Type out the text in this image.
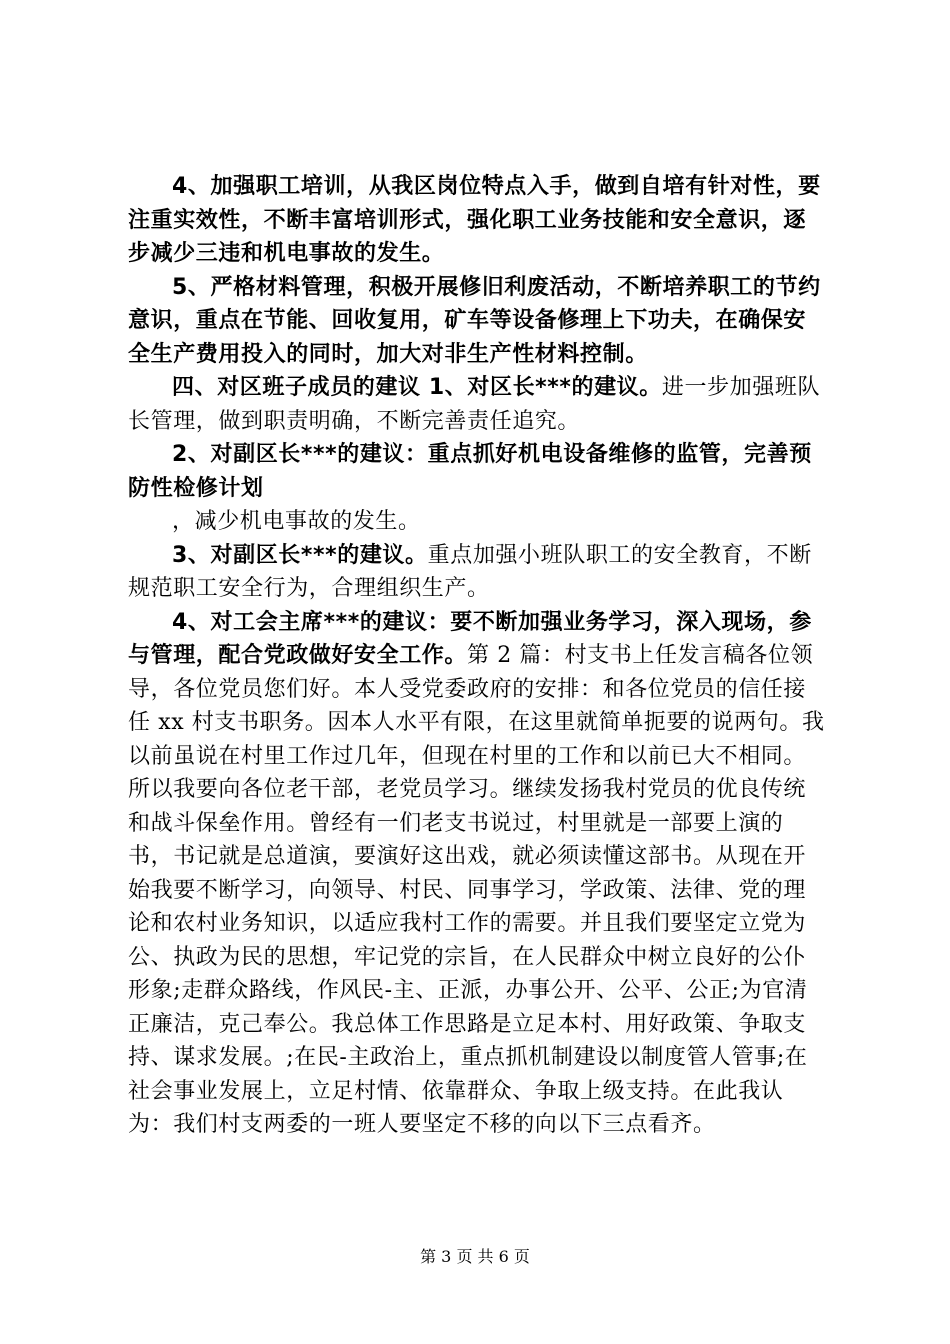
4、加强职工培训，从我区岗位特点入手，做到自培有针对性，要注重实效性，不断丰富培训形式，强化职工业务技能和安全意识，逐步减少三违和机电事故的发生。

5、严格材料管理，积极开展修旧利废活动，不断培养职工的节约意识，重点在节能、回收复用，矿车等设备修理上下功夫，在确保安全生产费用投入的同时，加大对非生产性材料控制。

四、对区班子成员的建议 1、对区长***的建议。进一步加强班队长管理，做到职责明确，不断完善责任追究。

2、对副区长***的建议：重点抓好机电设备维修的监管，完善预防性检修计划

，减少机电事故的发生。

3、对副区长***的建议。重点加强小班队职工的安全教育，不断规范职工安全行为，合理组织生产。

4、对工会主席***的建议：要不断加强业务学习，深入现场，参与管理，配合党政做好安全工作。第 2 篇：村支书上任发言稿各位领导，各位党员您们好。本人受党委政府的安排：和各位党员的信任接任 xx 村支书职务。因本人水平有限，在这里就简单扼要的说两句。我以前虽说在村里工作过几年，但现在村里的工作和以前已大不相同。所以我要向各位老干部，老党员学习。继续发扬我村党员的优良传统和战斗保垒作用。曾经有一们老支书说过，村里就是一部要上演的书，书记就是总道演，要演好这出戏，就必须读懂这部书。从现在开始我要不断学习，向领导、村民、同事学习，学政策、法律、党的理论和农村业务知识，以适应我村工作的需要。并且我们要坚定立党为公、执政为民的思想，牢记党的宗旨，在人民群众中树立良好的公仆形象;走群众路线，作风民-主、正派，办事公开、公平、公正;为官清正廉洁，克己奉公。我总体工作思路是立足本村、用好政策、争取支持、谋求发展。;在民-主政治上，重点抓机制建设以制度管人管事;在社会事业发展上，立足村情、依靠群众、争取上级支持。在此我认为：我们村支两委的一班人要坚定不移的向以下三点看齐。

第 3 页 共 6 页
